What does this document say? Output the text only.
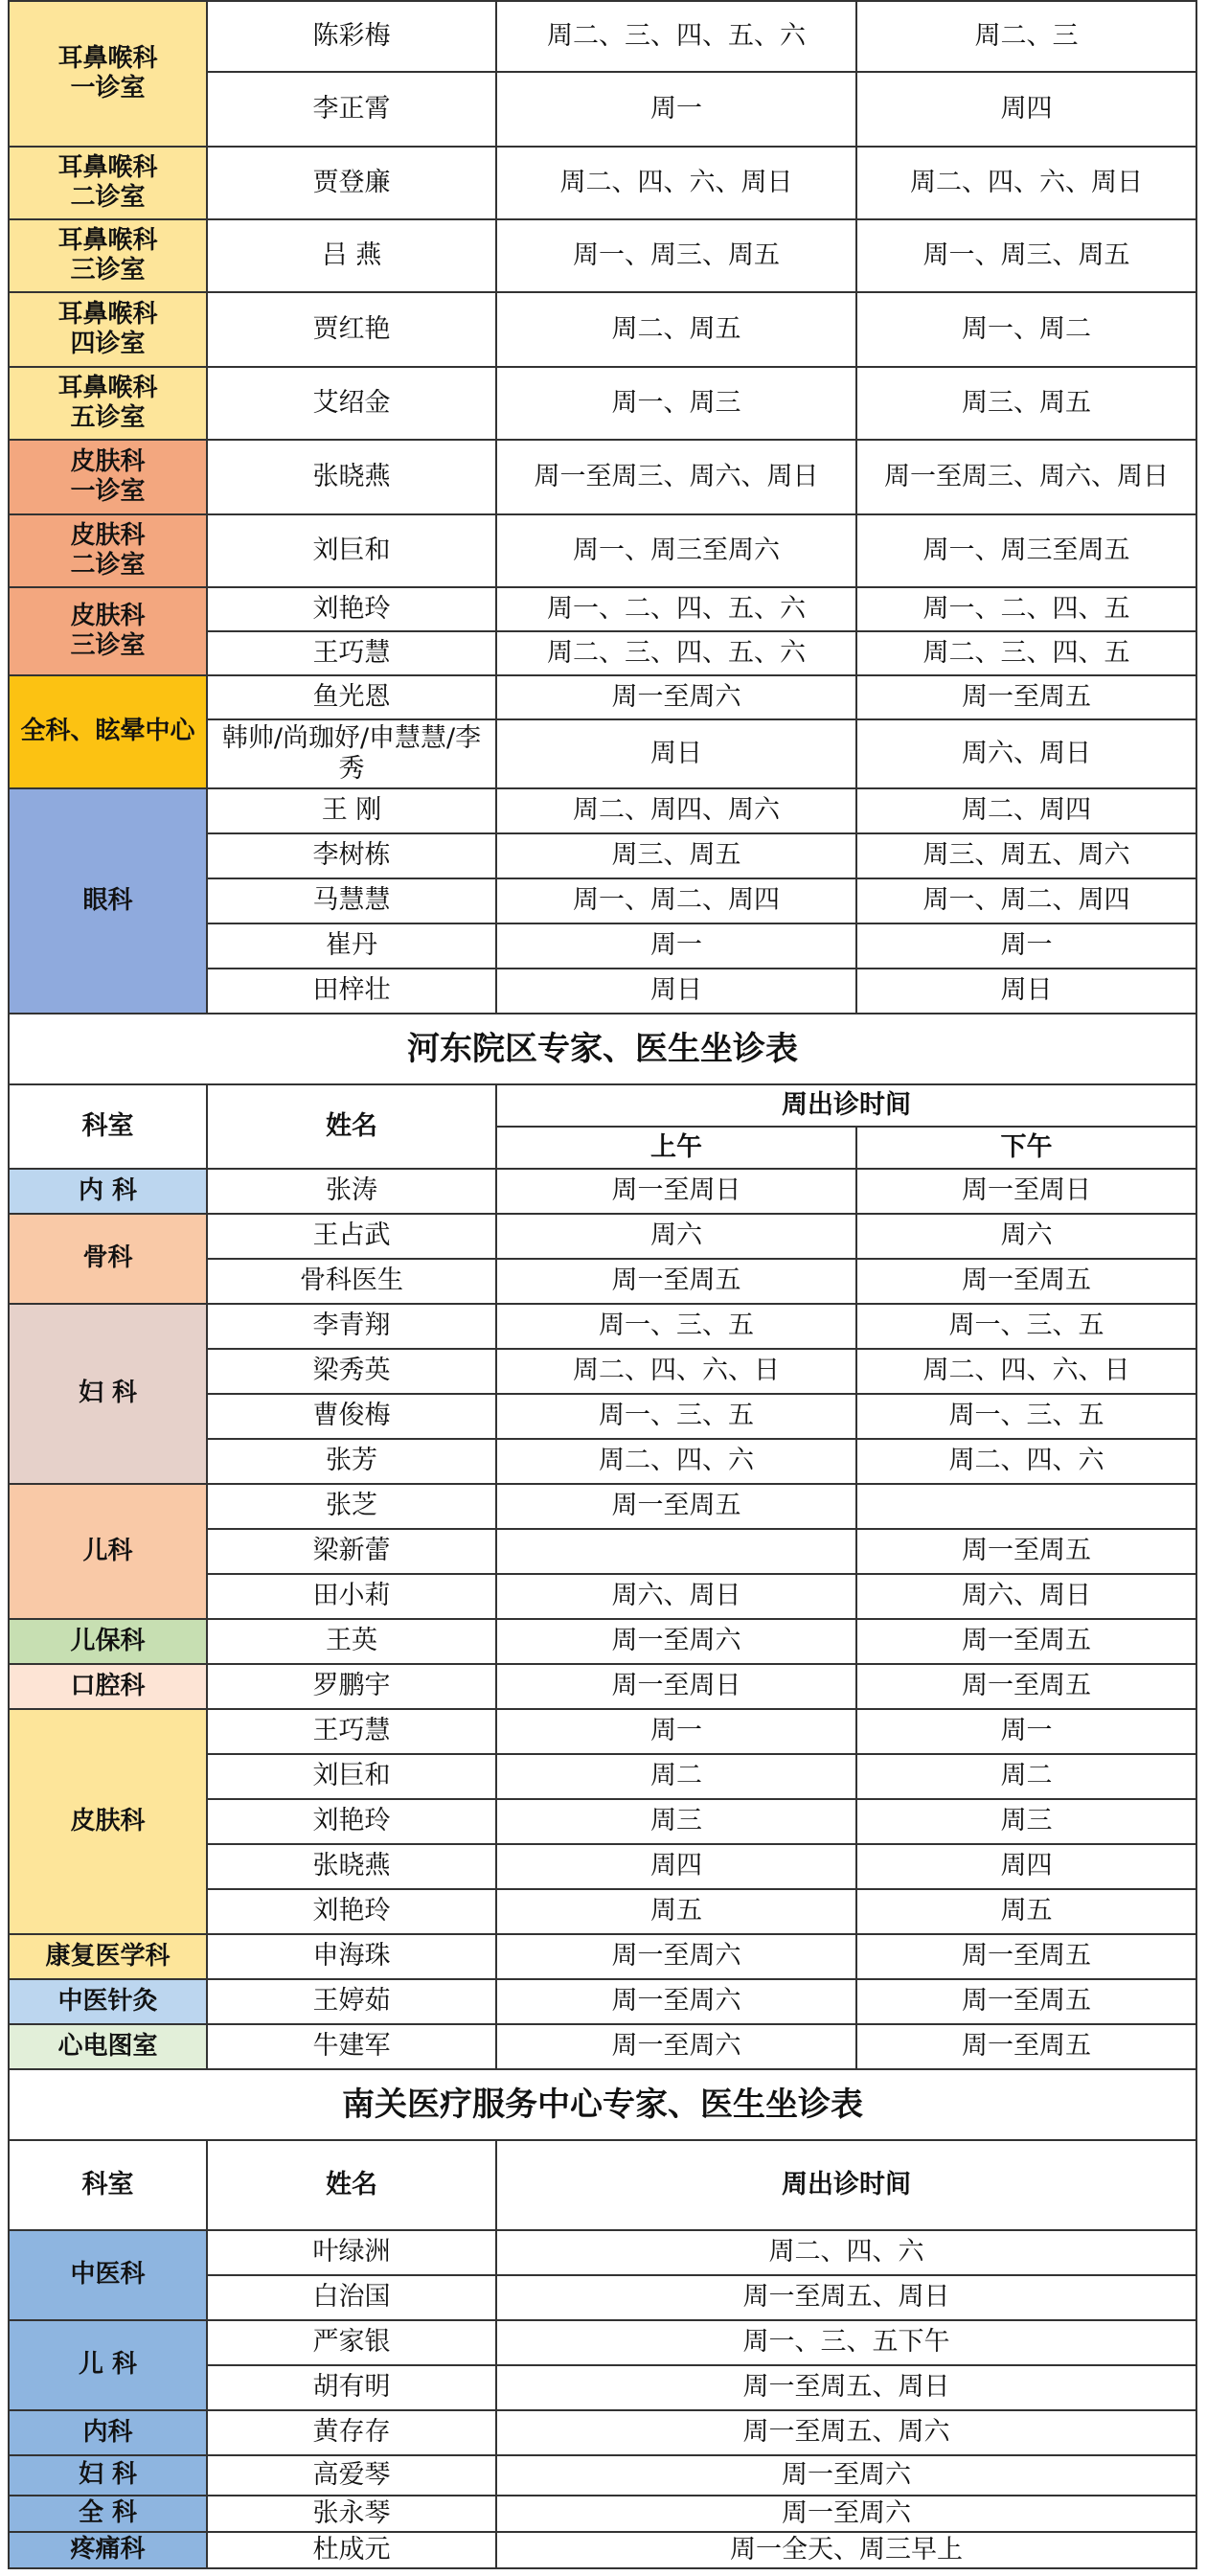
耳鼻喉科
一诊室	陈彩梅	周二、三、四、五、六	周二、三
	李正霄	周一	周四
耳鼻喉科
二诊室	贾登廉	周二、四、六、周日	周二、四、六、周日
耳鼻喉科
三诊室	吕 燕	周一、周三、周五	周一、周三、周五
耳鼻喉科
四诊室	贾红艳	周二、周五	周一、周二
耳鼻喉科
五诊室	艾绍金	周一、周三	周三、周五
皮肤科
一诊室	张晓燕	周一至周三、周六、周日	周一至周三、周六、周日
皮肤科
二诊室	刘巨和	周一、周三至周六	周一、周三至周五
皮肤科
三诊室	刘艳玲	周一、二、四、五、六	周一、二、四、五
	王巧慧	周二、三、四、五、六	周二、三、四、五
全科、眩晕中心	鱼光恩	周一至周六	周一至周五
	韩帅/尚珈妤/申慧慧/李秀	周日	周六、周日
眼科	王 刚	周二、周四、周六	周二、周四
	李树栋	周三、周五	周三、周五、周六
	马慧慧	周一、周二、周四	周一、周二、周四
	崔丹	周一	周一
	田梓壮	周日	周日
河东院区专家、医生坐诊表			
科室	姓名	周出诊时间	
		上午	下午
内 科	张涛	周一至周日	周一至周日
骨科	王占武	周六	周六
	骨科医生	周一至周五	周一至周五
妇 科	李青翔	周一、三、五	周一、三、五
	梁秀英	周二、四、六、日	周二、四、六、日
	曹俊梅	周一、三、五	周一、三、五
	张芳	周二、四、六	周二、四、六
儿科	张芝	周一至周五	
	梁新蕾		周一至周五
	田小莉	周六、周日	周六、周日
儿保科	王英	周一至周六	周一至周五
口腔科	罗鹏宇	周一至周日	周一至周五
皮肤科	王巧慧	周一	周一
	刘巨和	周二	周二
	刘艳玲	周三	周三
	张晓燕	周四	周四
	刘艳玲	周五	周五
康复医学科	申海珠	周一至周六	周一至周五
中医针灸	王婷茹	周一至周六	周一至周五
心电图室	牛建军	周一至周六	周一至周五
南关医疗服务中心专家、医生坐诊表			
科室	姓名	周出诊时间	
中医科	叶绿洲	周二、四、六	
	白治国	周一至周五、周日	
儿 科	严家银	周一、三、五下午	
	胡有明	周一至周五、周日	
内科	黄存存	周一至周五、周六	
妇 科	高爱琴	周一至周六	
全 科	张永琴	周一至周六	
疼痛科	杜成元	周一全天、周三早上	
